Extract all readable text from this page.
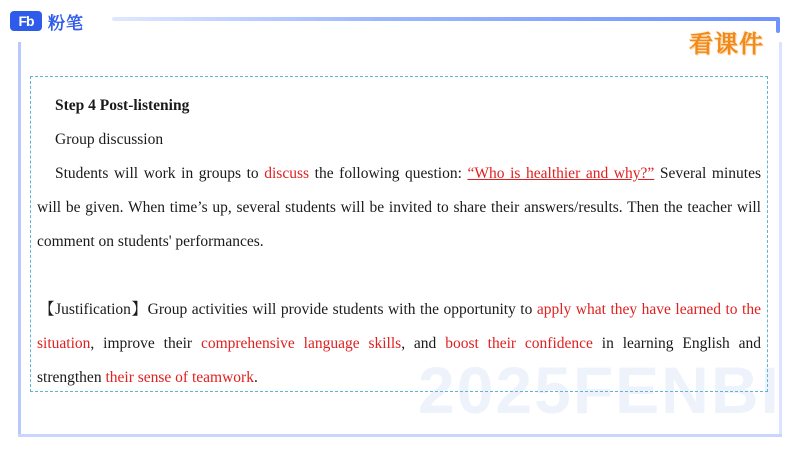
Fb 粉笔
看课件
2025FENBI

Step 4 Post-listening

Group discussion

Students will work in groups to discuss the following question: “Who is healthier and why?” Several minutes will be given. When time’s up, several students will be invited to share their answers/results. Then the teacher will comment on students' performances.

【Justification】Group activities will provide students with the opportunity to apply what they have learned to the situation, improve their comprehensive language skills, and boost their confidence in learning English and strengthen their sense of teamwork.
